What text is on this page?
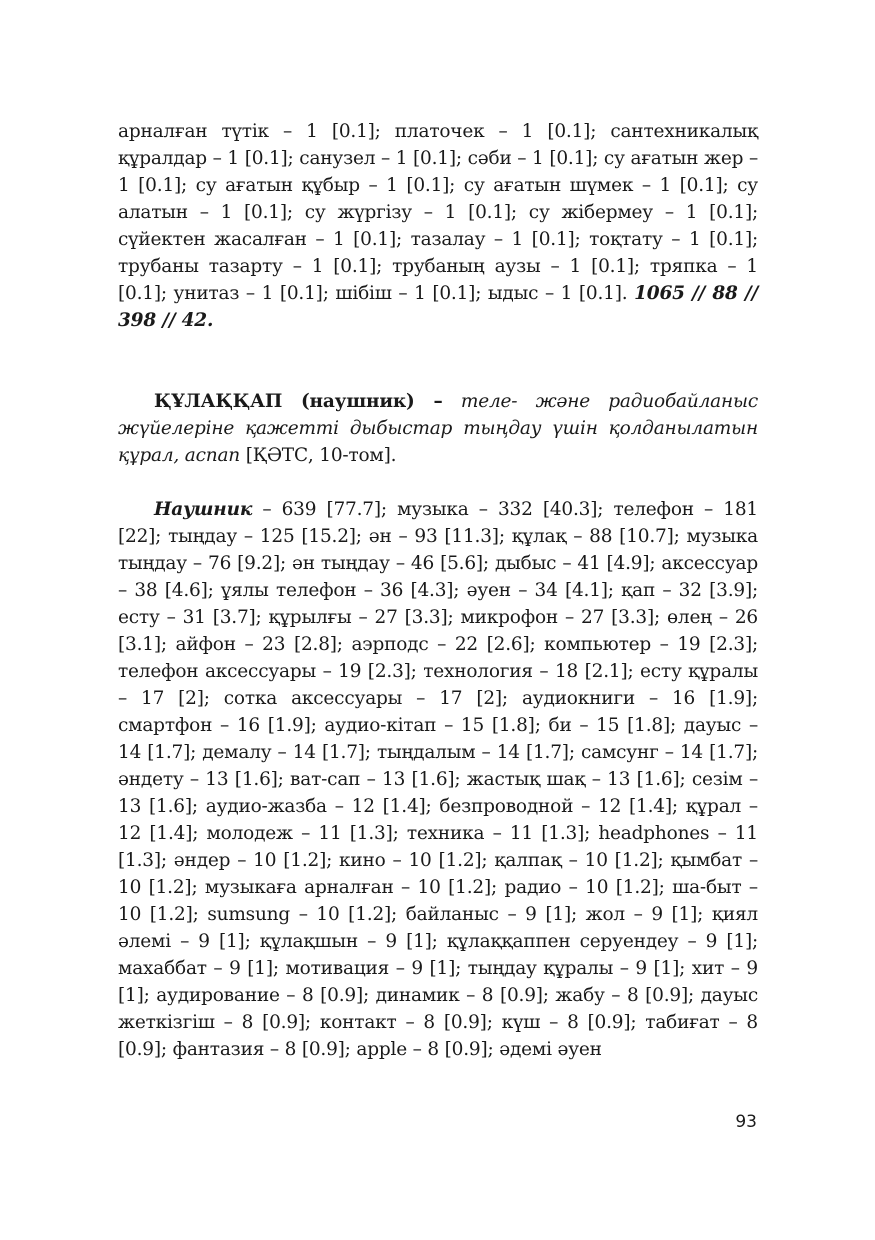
арналған түтік – 1 [0.1]; платочек – 1 [0.1]; сантехникалық құралдар – 1 [0.1]; санузел – 1 [0.1]; сәби – 1 [0.1]; су ағатын жер – 1 [0.1]; су ағатын құбыр – 1 [0.1]; су ағатын шүмек – 1 [0.1]; су алатын – 1 [0.1]; су жүргізу – 1 [0.1]; су жібермеу – 1 [0.1]; сүйектен жасалған – 1 [0.1]; тазалау – 1 [0.1]; тоқтату – 1 [0.1]; трубаны тазарту – 1 [0.1]; трубаның аузы – 1 [0.1]; тряпка – 1 [0.1]; унитаз – 1 [0.1]; шібіш – 1 [0.1]; ыдыс – 1 [0.1]. 1065 // 88 // 398 // 42.

ҚҰЛАҚҚАП (наушник) – теле- және радиобайланыс жүйелеріне қажетті дыбыстар тыңдау үшін қолданылатын құрал, аспап [ҚӘТС, 10-том].

Наушник – 639 [77.7]; музыка – 332 [40.3]; телефон – 181 [22]; тыңдау – 125 [15.2]; ән – 93 [11.3]; құлақ – 88 [10.7]; музыка тыңдау – 76 [9.2]; ән тыңдау – 46 [5.6]; дыбыс – 41 [4.9]; аксессуар – 38 [4.6]; ұялы телефон – 36 [4.3]; әуен – 34 [4.1]; қап – 32 [3.9]; есту – 31 [3.7]; құрылғы – 27 [3.3]; микрофон – 27 [3.3]; өлең – 26 [3.1]; айфон – 23 [2.8]; аэрподс – 22 [2.6]; компьютер – 19 [2.3]; телефон аксессуары – 19 [2.3]; технология – 18 [2.1]; есту құралы – 17 [2]; сотка аксессуары – 17 [2]; аудиокниги – 16 [1.9]; смартфон – 16 [1.9]; аудио-кітап – 15 [1.8]; би – 15 [1.8]; дауыс – 14 [1.7]; демалу – 14 [1.7]; тыңдалым – 14 [1.7]; самсунг – 14 [1.7]; әндету – 13 [1.6]; ват-сап – 13 [1.6]; жастық шақ – 13 [1.6]; сезім – 13 [1.6]; аудио-жазба – 12 [1.4]; безпроводной – 12 [1.4]; құрал – 12 [1.4]; молодеж – 11 [1.3]; техника – 11 [1.3]; headphones – 11 [1.3]; әндер – 10 [1.2]; кино – 10 [1.2]; қалпақ – 10 [1.2]; қымбат – 10 [1.2]; музыкаға арналған – 10 [1.2]; радио – 10 [1.2]; ша-быт – 10 [1.2]; sumsung – 10 [1.2]; байланыс – 9 [1]; жол – 9 [1]; қиял әлемі – 9 [1]; құлақшын – 9 [1]; құлаққаппен серуендеу – 9 [1]; махаббат – 9 [1]; мотивация – 9 [1]; тыңдау құралы – 9 [1]; хит – 9 [1]; аудирование – 8 [0.9]; динамик – 8 [0.9]; жабу – 8 [0.9]; дауыс жеткізгіш – 8 [0.9]; контакт – 8 [0.9]; күш – 8 [0.9]; табиғат – 8 [0.9]; фантазия – 8 [0.9]; apple – 8 [0.9]; әдемі әуен

93
